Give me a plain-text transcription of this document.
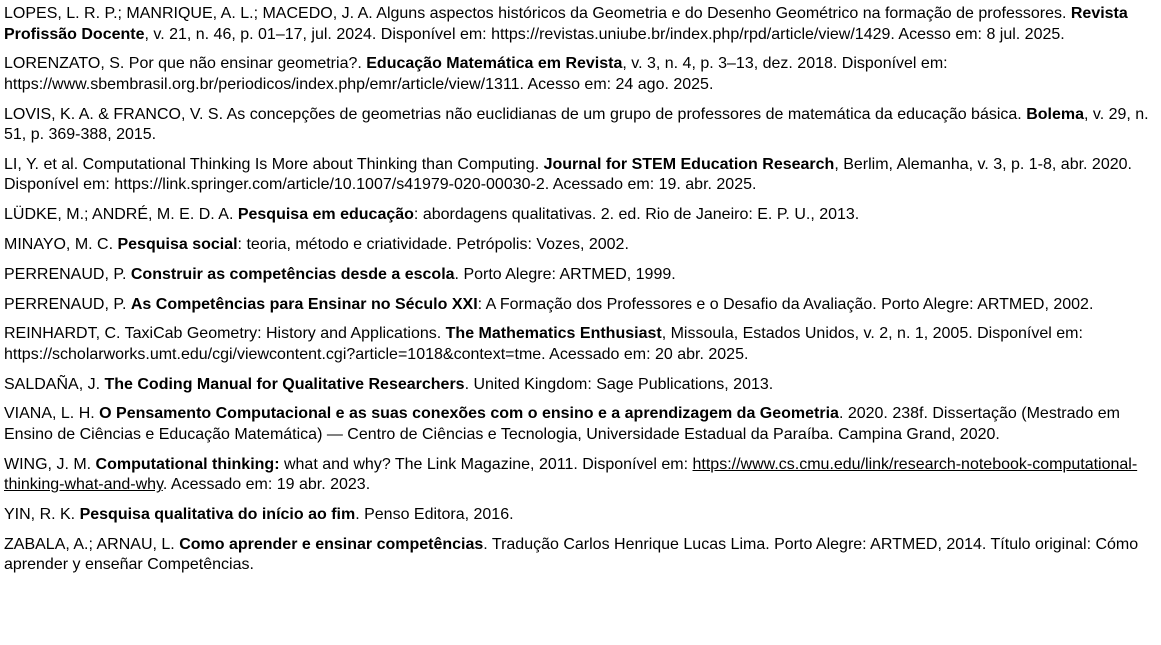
LOPES, L. R. P.; MANRIQUE, A. L.; MACEDO, J. A. Alguns aspectos históricos da Geometria e do Desenho Geométrico na formação de professores. Revista Profissão Docente, v. 21, n. 46, p. 01–17, jul. 2024. Disponível em: https://revistas.uniube.br/index.php/rpd/article/view/1429. Acesso em: 8 jul. 2025.

LORENZATO, S. Por que não ensinar geometria?. Educação Matemática em Revista, v. 3, n. 4, p. 3–13, dez. 2018. Disponível em: https://www.sbembrasil.org.br/periodicos/index.php/emr/article/view/1311. Acesso em: 24 ago. 2025.

LOVIS, K. A. & FRANCO, V. S. As concepções de geometrias não euclidianas de um grupo de professores de matemática da educação básica. Bolema, v. 29, n. 51, p. 369-388, 2015.

LI, Y. et al. Computational Thinking Is More about Thinking than Computing. Journal for STEM Education Research, Berlim, Alemanha, v. 3, p. 1-8, abr. 2020. Disponível em: https://link.springer.com/article/10.1007/s41979-020-00030-2. Acessado em: 19. abr. 2025.

LÜDKE, M.; ANDRÉ, M. E. D. A. Pesquisa em educação: abordagens qualitativas. 2. ed. Rio de Janeiro: E. P. U., 2013.

MINAYO, M. C. Pesquisa social: teoria, método e criatividade. Petrópolis: Vozes, 2002.

PERRENAUD, P. Construir as competências desde a escola. Porto Alegre: ARTMED, 1999.

PERRENAUD, P. As Competências para Ensinar no Século XXI: A Formação dos Professores e o Desafio da Avaliação. Porto Alegre: ARTMED, 2002.

REINHARDT, C. TaxiCab Geometry: History and Applications. The Mathematics Enthusiast, Missoula, Estados Unidos, v. 2, n. 1, 2005. Disponível em: https://scholarworks.umt.edu/cgi/viewcontent.cgi?article=1018&context=tme. Acessado em: 20 abr. 2025.

SALDAÑA, J. The Coding Manual for Qualitative Researchers. United Kingdom: Sage Publications, 2013.

VIANA, L. H. O Pensamento Computacional e as suas conexões com o ensino e a aprendizagem da Geometria. 2020. 238f. Dissertação (Mestrado em Ensino de Ciências e Educação Matemática) — Centro de Ciências e Tecnologia, Universidade Estadual da Paraíba. Campina Grand, 2020.

WING, J. M. Computational thinking: what and why? The Link Magazine, 2011. Disponível em: https://www.cs.cmu.edu/link/research-notebook-computational-thinking-what-and-why. Acessado em: 19 abr. 2023.

YIN, R. K. Pesquisa qualitativa do início ao fim. Penso Editora, 2016.

ZABALA, A.; ARNAU, L. Como aprender e ensinar competências. Tradução Carlos Henrique Lucas Lima. Porto Alegre: ARTMED, 2014. Título original: Cómo aprender y enseñar Competências.
